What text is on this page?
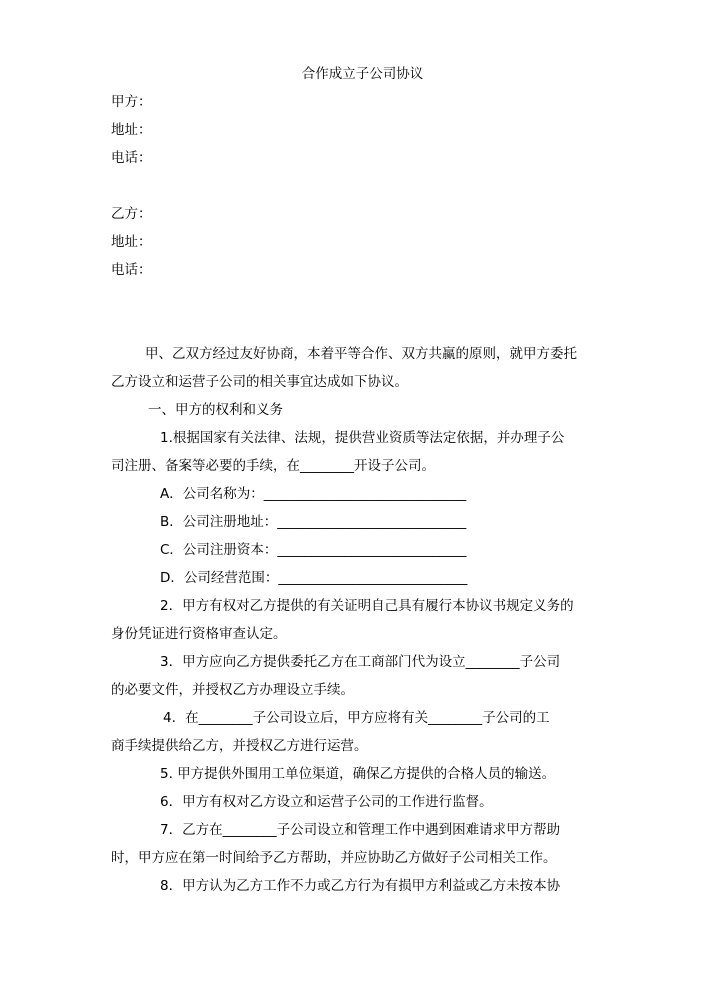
合作成立子公司协议
甲方：
地址：
电话：
乙方：
地址：
电话：
甲、乙双方经过友好协商，本着平等合作、双方共赢的原则，就甲方委托
乙方设立和运营子公司的相关事宜达成如下协议。
一、甲方的权利和义务
1.根据国家有关法律、法规，提供营业资质等法定依据，并办理子公
司注册、备案等必要的手续，在________开设子公司。
A．公司名称为：______________________________
B．公司注册地址：____________________________
C．公司注册资本：____________________________
D．公司经营范围：____________________________
2．甲方有权对乙方提供的有关证明自己具有履行本协议书规定义务的
身份凭证进行资格审查认定。
3．甲方应向乙方提供委托乙方在工商部门代为设立________子公司
的必要文件，并授权乙方办理设立手续。
4．在________子公司设立后，甲方应将有关________子公司的工
商手续提供给乙方，并授权乙方进行运营。
5. 甲方提供外围用工单位渠道，确保乙方提供的合格人员的输送。
6．甲方有权对乙方设立和运营子公司的工作进行监督。
7．乙方在________子公司设立和管理工作中遇到困难请求甲方帮助
时，甲方应在第一时间给予乙方帮助，并应协助乙方做好子公司相关工作。
8．甲方认为乙方工作不力或乙方行为有损甲方利益或乙方未按本协
